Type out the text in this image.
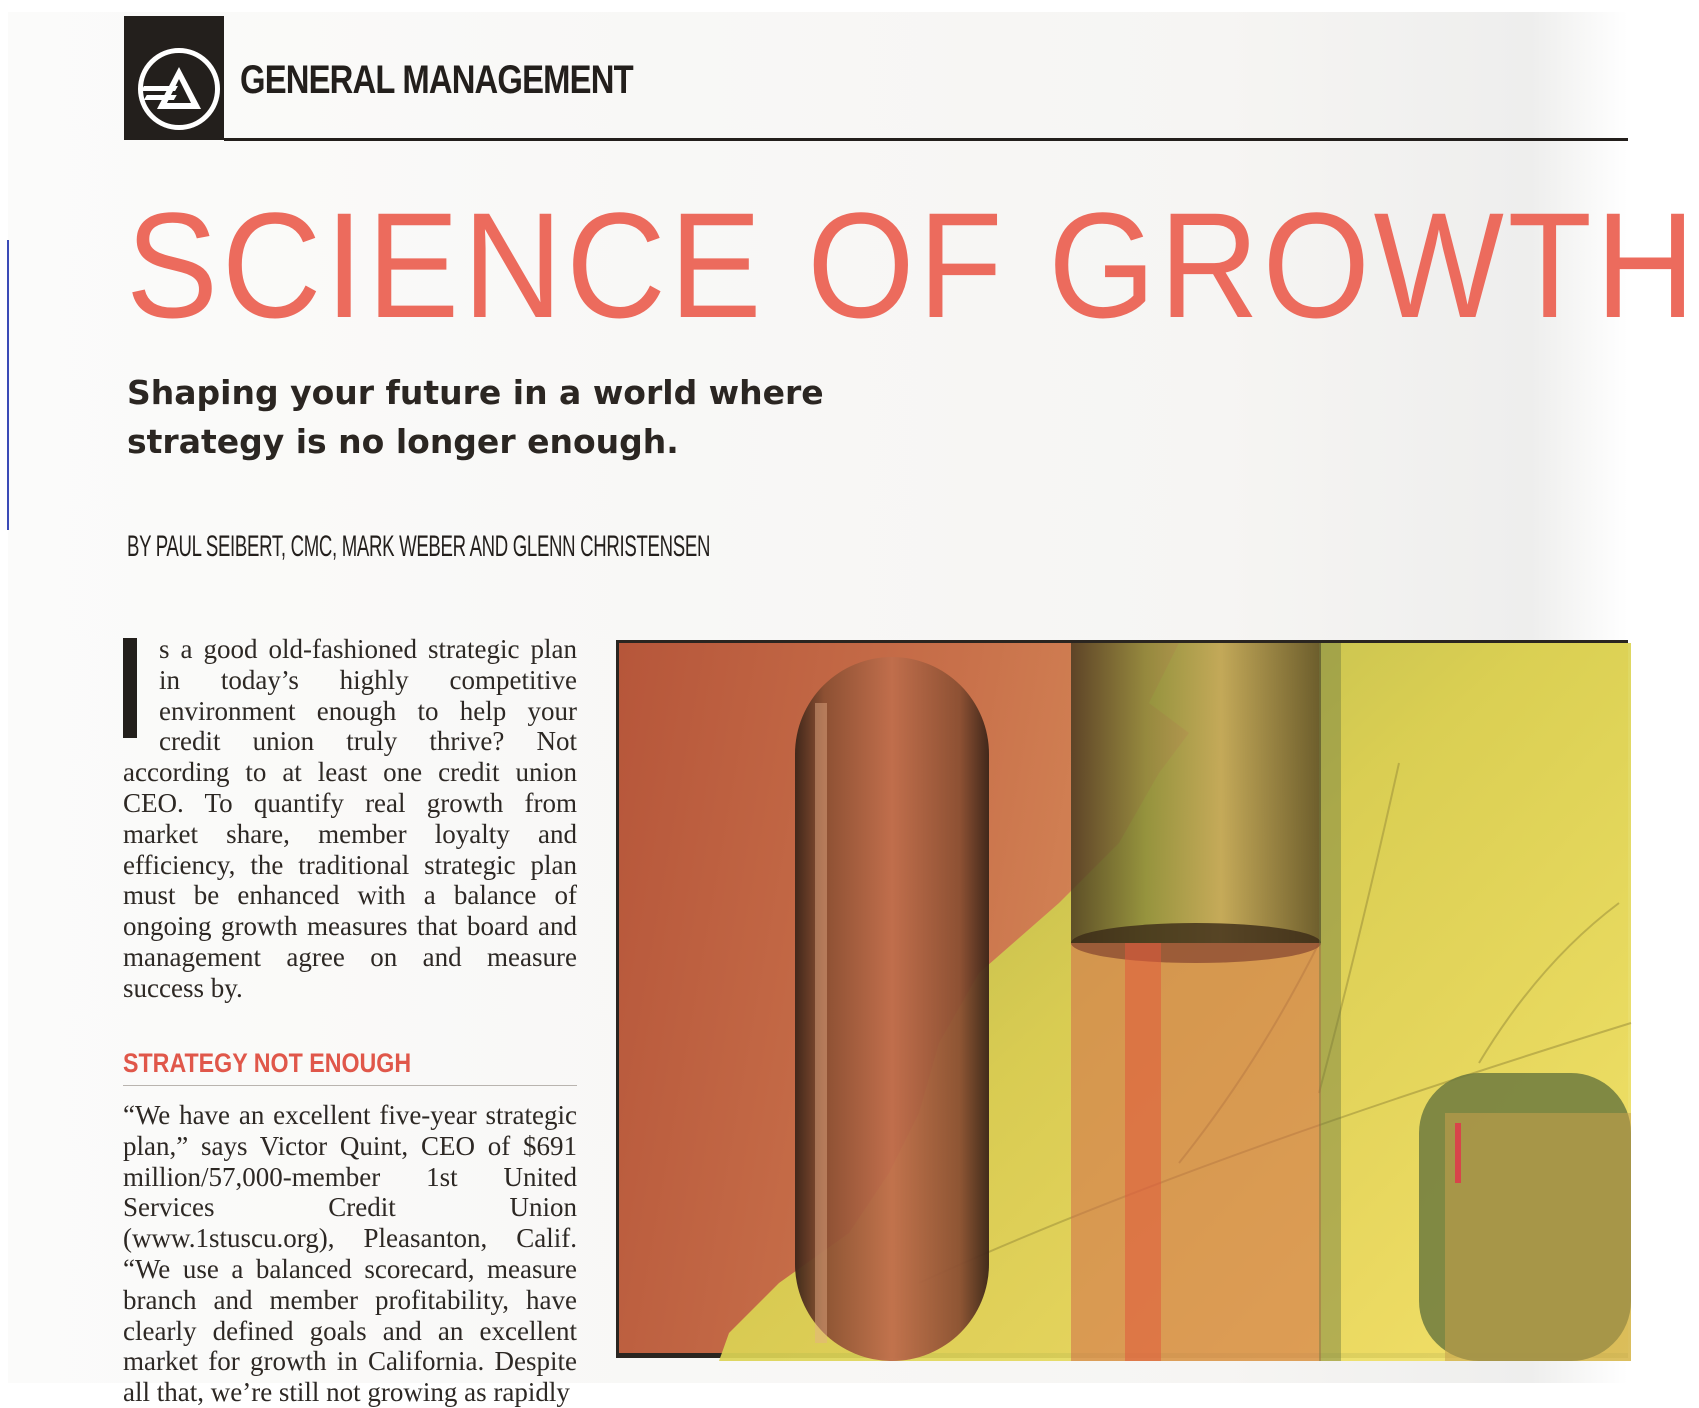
GENERAL MANAGEMENT
SCIENCE OF GROWTH
Shaping your future in a world where strategy is no longer enough.
BY PAUL SEIBERT, CMC, MARK WEBER AND GLENN CHRISTENSEN
s a good old-fashioned strategic plan in today’s highly competitive environment enough to help your credit union truly thrive? Not according to at least one credit union CEO. To quantify real growth from market share, member loyalty and efficiency, the traditional strategic plan must be enhanced with a balance of ongoing growth measures that board and management agree on and measure success by.
STRATEGY NOT ENOUGH
“We have an excellent five-year strategic plan,” says Victor Quint, CEO of $691 million/57,000-member 1st United Services Credit Union (www.1stuscu.org), Pleasanton, Calif. “We use a balanced scorecard, measure branch and member profitability, have clearly defined goals and an excellent market for growth in California. Despite all that, we’re still not growing as rapidly
